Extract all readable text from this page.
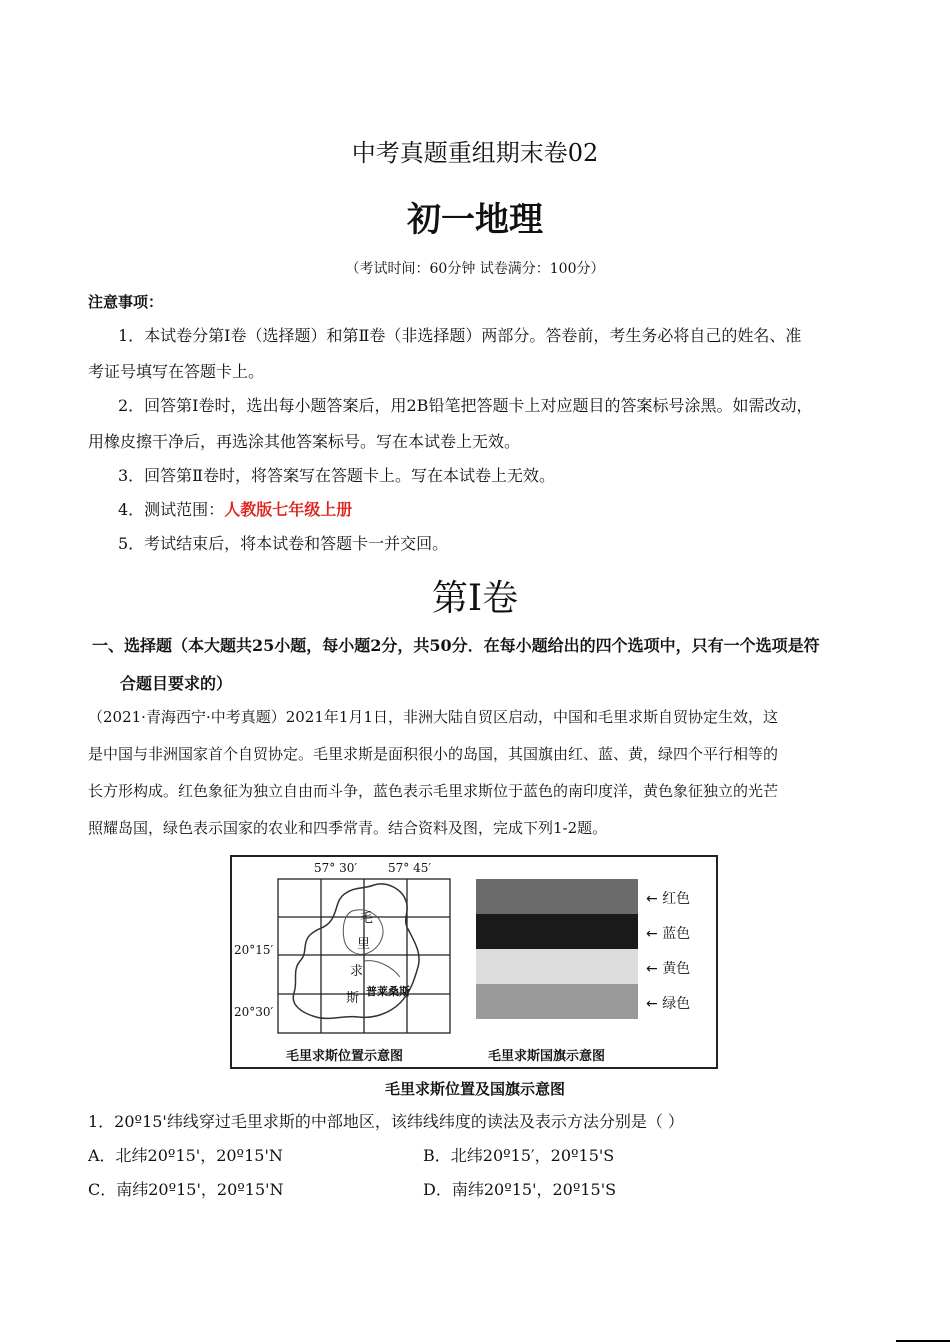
中考真题重组期末卷02
初一地理
（考试时间：60分钟 试卷满分：100分）
注意事项：
1．本试卷分第Ⅰ卷（选择题）和第Ⅱ卷（非选择题）两部分。答卷前，考生务必将自己的姓名、准
考证号填写在答题卡上。
2．回答第Ⅰ卷时，选出每小题答案后，用2B铅笔把答题卡上对应题目的答案标号涂黑。如需改动，
用橡皮擦干净后，再选涂其他答案标号。写在本试卷上无效。
3．回答第Ⅱ卷时，将答案写在答题卡上。写在本试卷上无效。
4．测试范围：人教版七年级上册
5．考试结束后，将本试卷和答题卡一并交回。
第Ⅰ卷
一、选择题（本大题共25小题，每小题2分，共50分．在每小题给出的四个选项中，只有一个选项是符
合题目要求的）
（2021·青海西宁·中考真题）2021年1月1日，非洲大陆自贸区启动，中国和毛里求斯自贸协定生效，这
是中国与非洲国家首个自贸协定。毛里求斯是面积很小的岛国，其国旗由红、蓝、黄，绿四个平行相等的
长方形构成。红色象征为独立自由而斗争，蓝色表示毛里求斯位于蓝色的南印度洋，黄色象征独立的光芒
照耀岛国，绿色表示国家的农业和四季常青。结合资料及图，完成下列1-2题。
57° 30′	57° 45′
20°15′
20°30′
毛
里
求
斯 普莱桑斯
毛里求斯位置示意图
← 红色
← 蓝色
← 黄色
← 绿色
毛里求斯国旗示意图
毛里求斯位置及国旗示意图
1．20º15'纬线穿过毛里求斯的中部地区，该纬线纬度的读法及表示方法分别是（ ）
A．北纬20º15'，20º15'N	B．北纬20º15′，20º15'S
C．南纬20º15'，20º15'N	D．南纬20º15'，20º15'S
